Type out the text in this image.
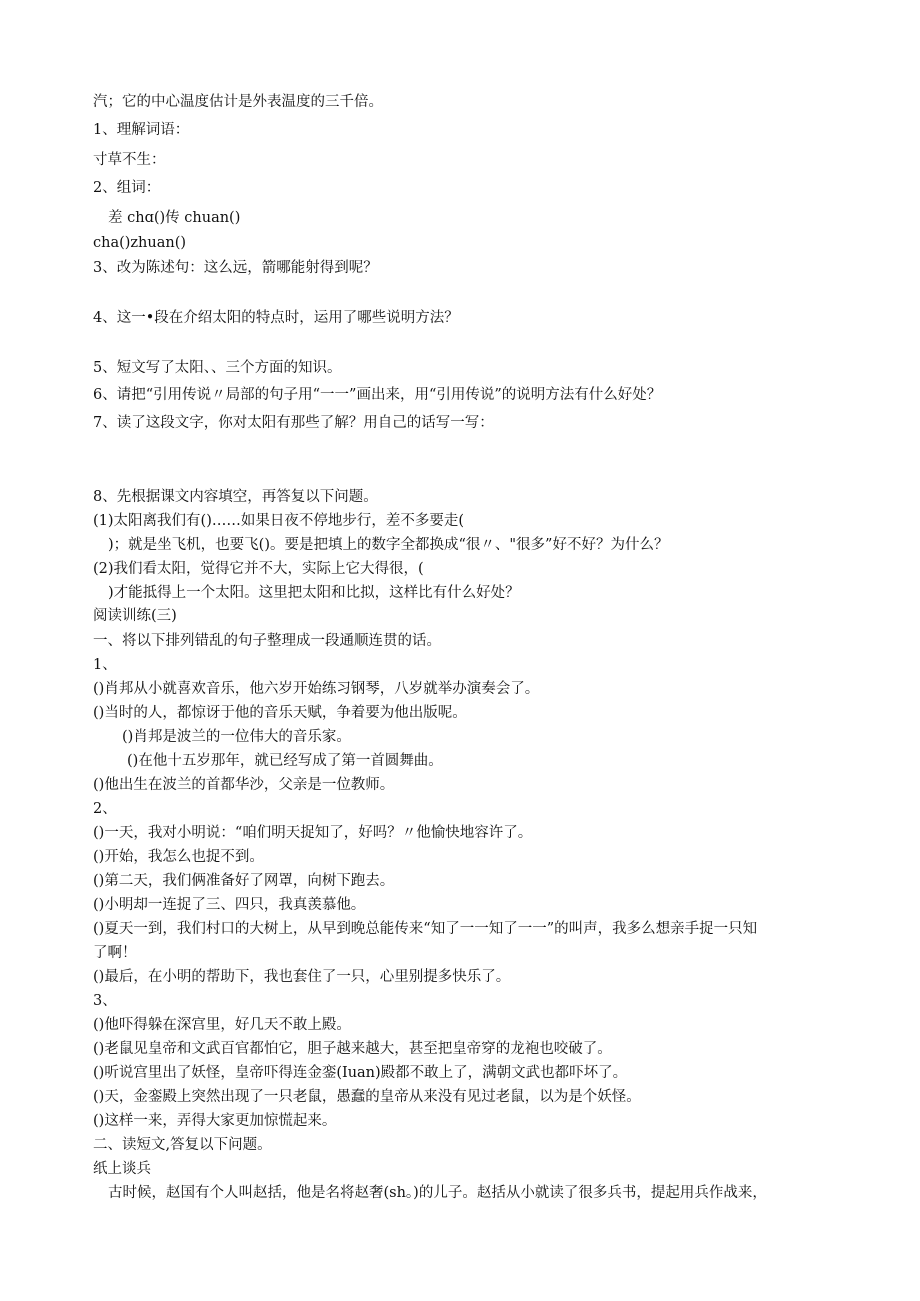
汽；它的中心温度估计是外表温度的三千倍。
1、理解词语：
寸草不生：
2、组词：
差 chɑ()传 chuan()
cha()zhuan()
3、改为陈述句：这么远，箭哪能射得到呢？
4、这一•段在介绍太阳的特点时，运用了哪些说明方法？
5、短文写了太阳、、三个方面的知识。
6、请把“引用传说〃局部的句子用“一一”画出来，用“引用传说”的说明方法有什么好处？
7、读了这段文字，你对太阳有那些了解？用自己的话写一写：
8、先根据课文内容填空，再答复以下问题。
(1)太阳离我们有()……如果日夜不停地步行，差不多要走(
)；就是坐飞机，也要飞()。要是把填上的数字全都换成“很〃、"很多”好不好？为什么？
(2)我们看太阳，觉得它并不大，实际上它大得很，(
)才能抵得上一个太阳。这里把太阳和比拟，这样比有什么好处？
阅读训练(三)
一、将以下排列错乱的句子整理成一段通顺连贯的话。
1、
()肖邦从小就喜欢音乐，他六岁开始练习钢琴，八岁就举办演奏会了。
()当时的人，都惊讶于他的音乐天赋，争着要为他出版呢。
()肖邦是波兰的一位伟大的音乐家。
()在他十五岁那年，就已经写成了第一首圆舞曲。
()他出生在波兰的首都华沙，父亲是一位教师。
2、
()一天，我对小明说：“咱们明天捉知了，好吗？〃他愉快地容许了。
()开始，我怎么也捉不到。
()第二天，我们俩准备好了网罩，向树下跑去。
()小明却一连捉了三、四只，我真羡慕他。
()夏天一到，我们村口的大树上，从早到晚总能传来“知了一一知了一一”的叫声，我多么想亲手捉一只知
了啊！
()最后，在小明的帮助下，我也套住了一只，心里别提多快乐了。
3、
()他吓得躲在深宫里，好几天不敢上殿。
()老鼠见皇帝和文武百官都怕它，胆子越来越大，甚至把皇帝穿的龙袍也咬破了。
()听说宫里出了妖怪，皇帝吓得连金銮(Iuan)殿都不敢上了，满朝文武也都吓坏了。
()天，金銮殿上突然出现了一只老鼠，愚蠢的皇帝从来没有见过老鼠，以为是个妖怪。
()这样一来，弄得大家更加惊慌起来。
二、读短文,答复以下问题。
纸上谈兵
古时候，赵国有个人叫赵括，他是名将赵奢(sh。)的儿子。赵括从小就读了很多兵书，提起用兵作战来，
